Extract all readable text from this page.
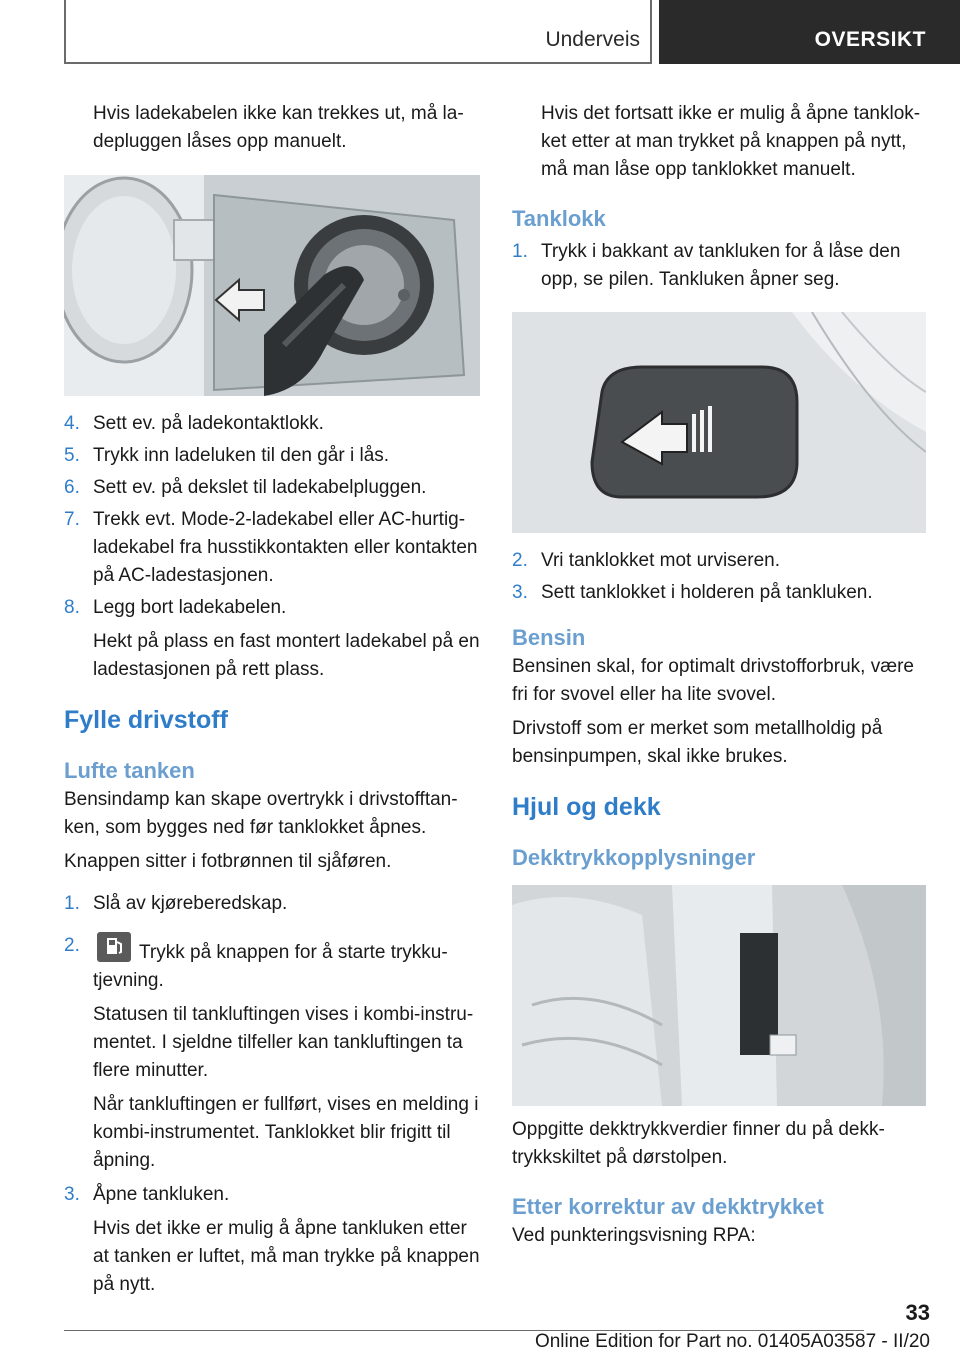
Underveis	OVERSIKT

Hvis ladekabelen ikke kan trekkes ut, må ladepluggen låses opp manuelt.

4. Sett ev. på ladekontaktlokk.
5. Trykk inn ladeluken til den går i lås.
6. Sett ev. på dekslet til ladekabelpluggen.
7. Trekk evt. Mode-2-ladekabel eller AC-hurtigladekabel fra husstikkontakten eller kontakten på AC-ladestasjonen.
8. Legg bort ladekabelen.
Hekt på plass en fast montert ladekabel på en ladestasjonen på rett plass.
Fylle drivstoff
Lufte tanken

Bensindamp kan skape overtrykk i drivstofftanken, som bygges ned før tanklokket åpnes.

Knappen sitter i fotbrønnen til sjåføren.

1. Slå av kjøreberedskap.
2.	Trykk på knappen for å starte trykkutjevning.
Statusen til tankluftingen vises i kombi-instrumentet. I sjeldne tilfeller kan tankluftingen ta flere minutter.
Når tankluftingen er fullført, vises en melding i kombi-instrumentet. Tanklokket blir frigitt til åpning.
3. Åpne tankluken.
Hvis det ikke er mulig å åpne tankluken etter at tanken er luftet, må man trykke på knappen på nytt.

Hvis det fortsatt ikke er mulig å åpne tanklokket etter at man trykket på knappen på nytt, må man låse opp tanklokket manuelt.

Tanklokk
1. Trykk i bakkant av tankluken for å låse den opp, se pilen. Tankluken åpner seg.
2. Vri tanklokket mot urviseren.
3. Sett tanklokket i holderen på tankluken.
Bensin

Bensinen skal, for optimalt drivstofforbruk, være fri for svovel eller ha lite svovel.

Drivstoff som er merket som metallholdig på bensinpumpen, skal ikke brukes.

Hjul og dekk
Dekktrykkopplysninger

Oppgitte dekktrykkverdier finner du på dekktrykkskiltet på dørstolpen.

Etter korrektur av dekktrykket

Ved punkteringsvisning RPA:

33
Online Edition for Part no. 01405A03587 - II/20
